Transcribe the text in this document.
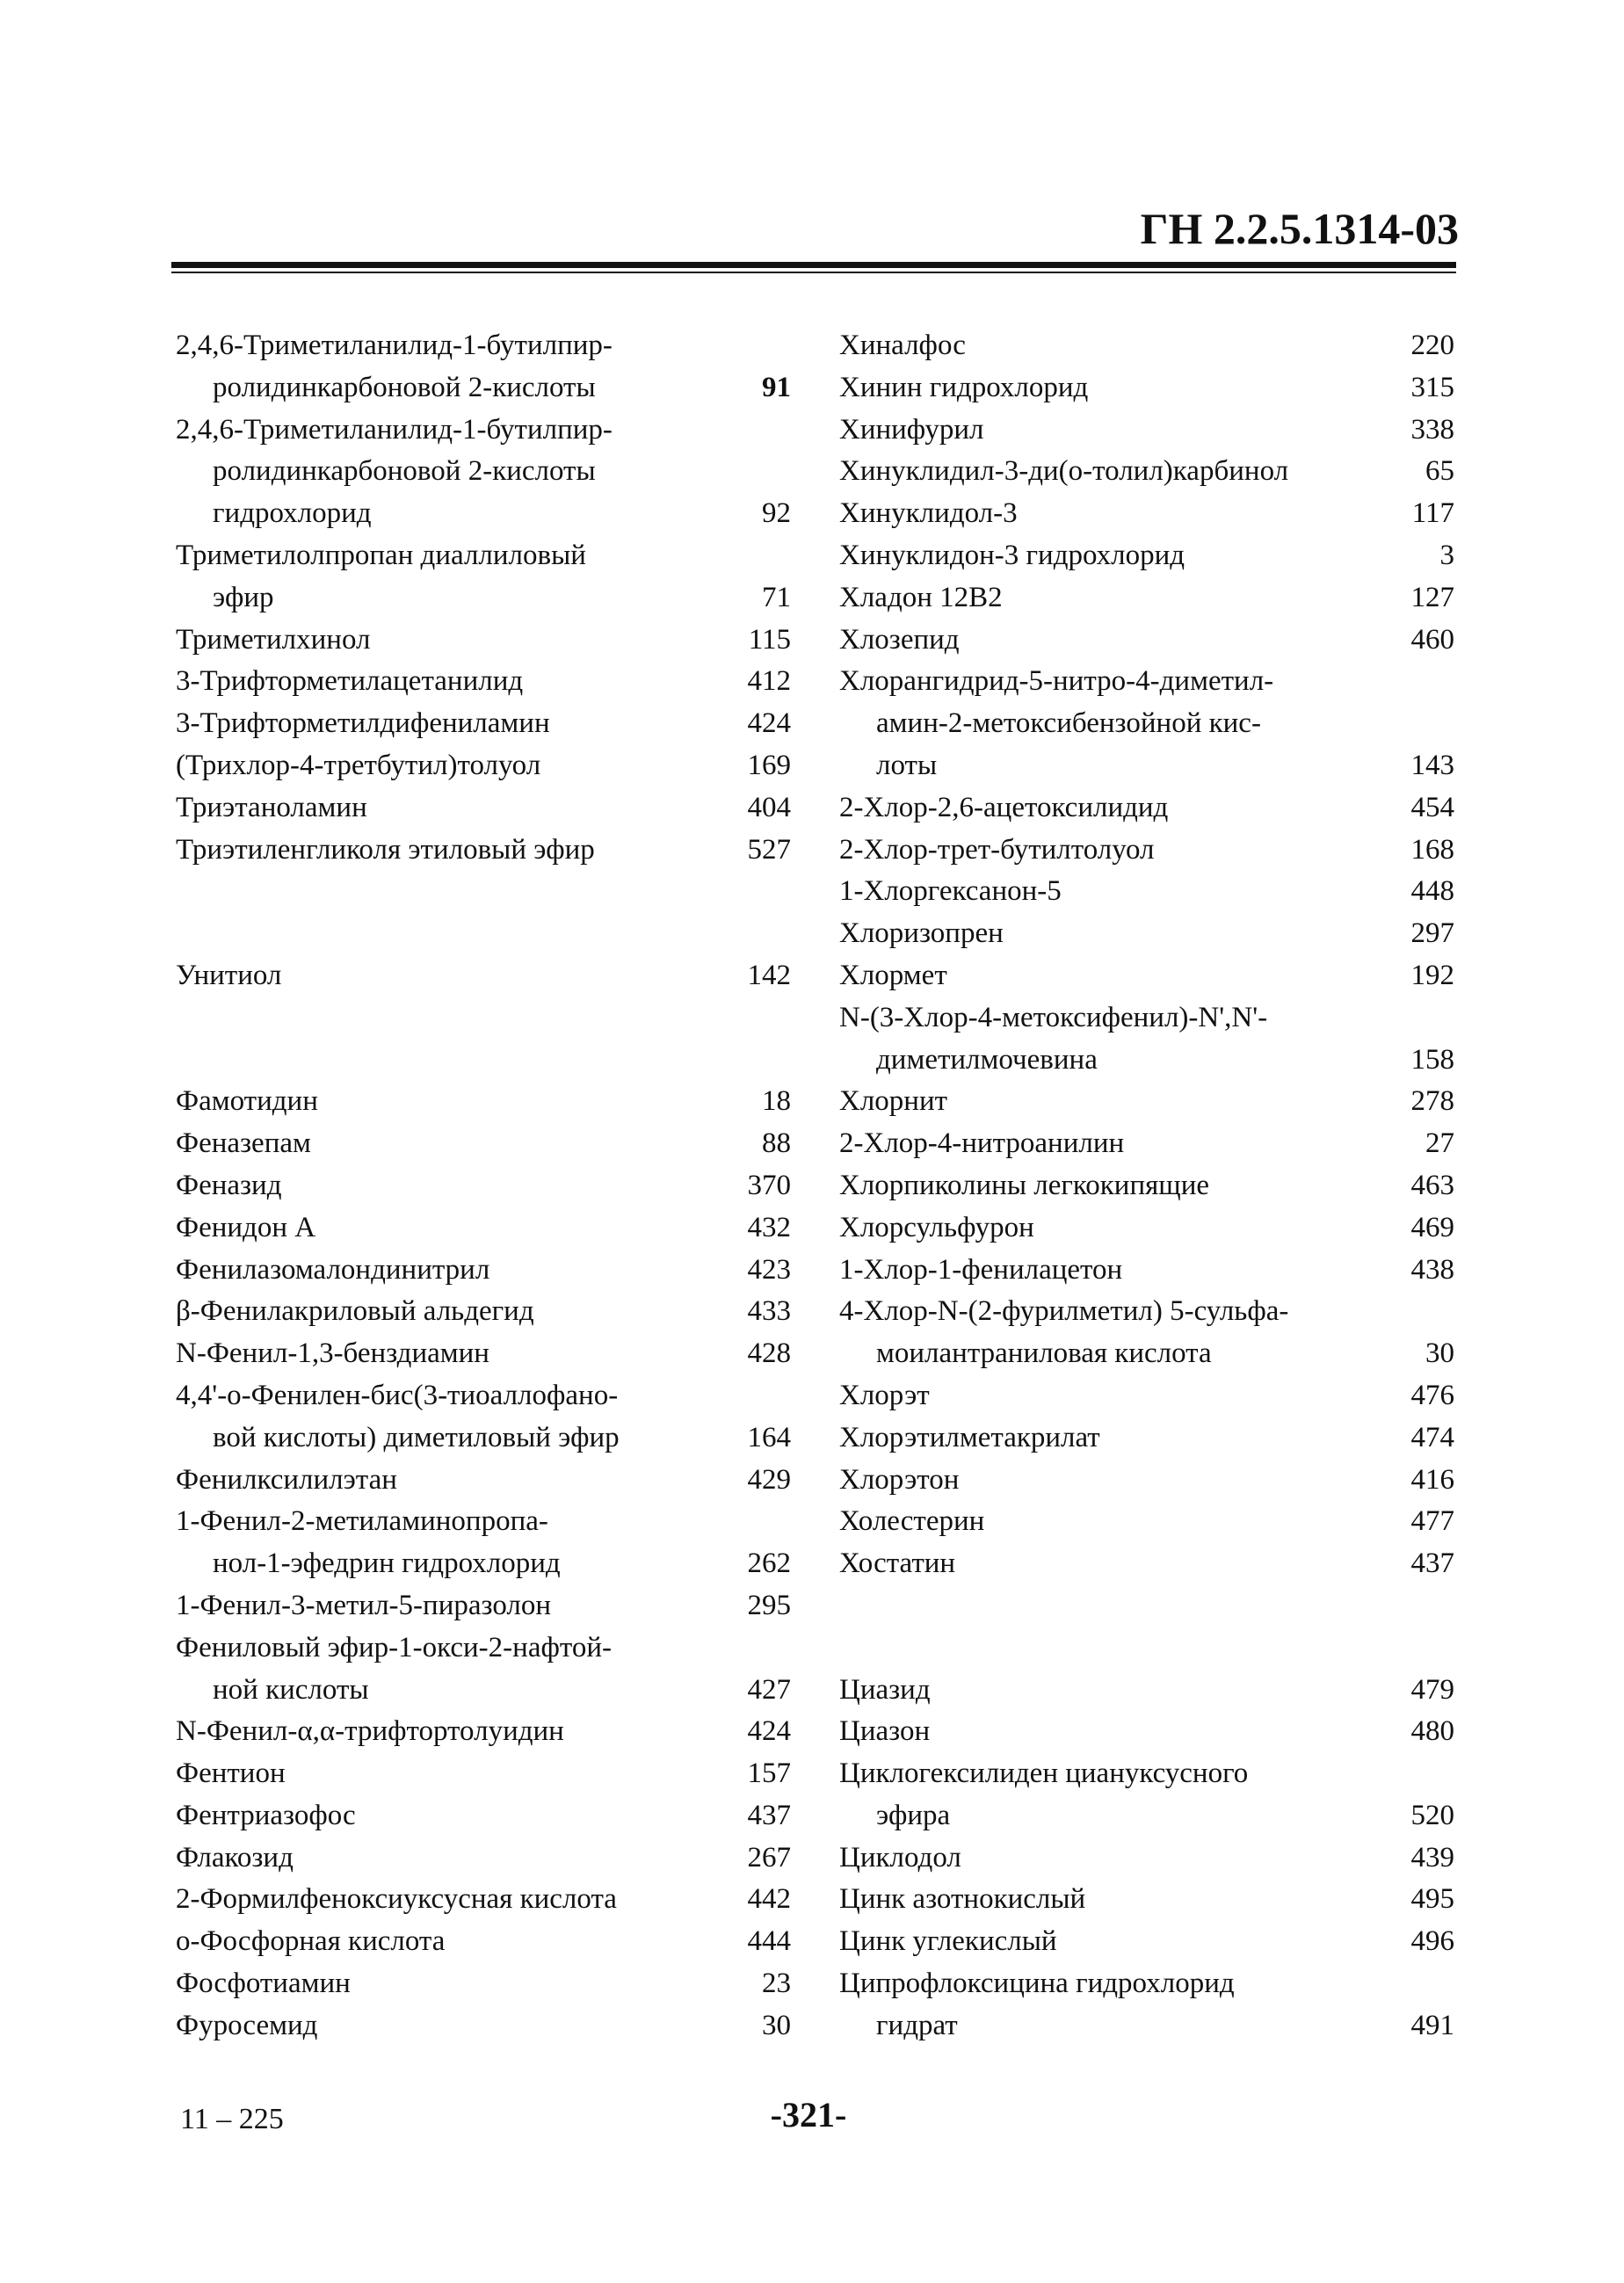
ГН 2.2.5.1314-03
2,4,6-Триметиланилид-1-бутилпир-
ролидинкарбоновой 2-кислоты	91
2,4,6-Триметиланилид-1-бутилпир-
ролидинкарбоновой 2-кислоты
гидрохлорид	92
Триметилолпропан диаллиловый
эфир	71
Триметилхинол	115
3-Трифторметилацетанилид	412
3-Трифторметилдифениламин	424
(Трихлор-4-третбутил)толуол	169
Триэтаноламин	404
Триэтиленгликоля этиловый эфир	527
Унитиол	142
Фамотидин	18
Феназепам	88
Феназид	370
Фенидон А	432
Фенилазомалондинитрил	423
β-Фенилакриловый альдегид	433
N-Фенил-1,3-бенздиамин	428
4,4'-о-Фенилен-бис(3-тиоаллофано-
вой кислоты) диметиловый эфир	164
Фенилксилилэтан	429
1-Фенил-2-метиламинопропа-
нол-1-эфедрин гидрохлорид	262
1-Фенил-3-метил-5-пиразолон	295
Фениловый эфир-1-окси-2-нафтой-
ной кислоты	427
N-Фенил-α,α-трифтортолуидин	424
Фентион	157
Фентриазофос	437
Флакозид	267
2-Формилфеноксиуксусная кислота	442
о-Фосфорная кислота	444
Фосфотиамин	23
Фуросемид	30
Хиналфос	220
Хинин гидрохлорид	315
Хинифурил	338
Хинуклидил-3-ди(о-толил)карбинол	65
Хинуклидол-3	117
Хинуклидон-3 гидрохлорид	3
Хладон 12В2	127
Хлозепид	460
Хлорангидрид-5-нитро-4-диметил-
амин-2-метоксибензойной кис-
лоты	143
2-Хлор-2,6-ацетоксилидид	454
2-Хлор-трет-бутилтолуол	168
1-Хлоргексанон-5	448
Хлоризопрен	297
Хлормет	192
N-(3-Хлор-4-метоксифенил)-N',N'-
диметилмочевина	158
Хлорнит	278
2-Хлор-4-нитроанилин	27
Хлорпиколины легкокипящие	463
Хлорсульфурон	469
1-Хлор-1-фенилацетон	438
4-Хлор-N-(2-фурилметил) 5-сульфа-
моилантраниловая кислота	30
Хлорэт	476
Хлорэтилметакрилат	474
Хлорэтон	416
Холестерин	477
Хостатин	437
Циазид	479
Циазон	480
Циклогексилиден циануксусного
эфира	520
Циклодол	439
Цинк азотнокислый	495
Цинк углекислый	496
Ципрофлоксицина гидрохлорид
гидрат	491
11 – 225	-321-
